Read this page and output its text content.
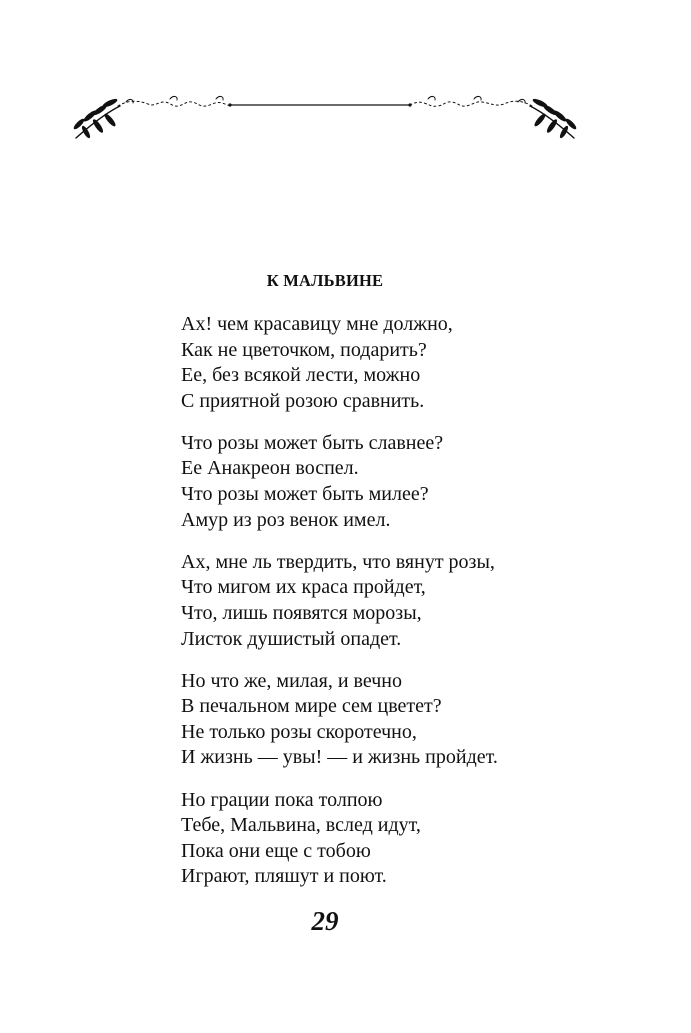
К МАЛЬВИНЕ
Ах! чем красавицу мне должно,
Как не цветочком, подарить?
Ее, без всякой лести, можно
С приятной розою сравнить.
Что розы может быть славнее?
Ее Анакреон воспел.
Что розы может быть милее?
Амур из роз венок имел.
Ах, мне ль твердить, что вянут розы,
Что мигом их краса пройдет,
Что, лишь появятся морозы,
Листок душистый опадет.
Но что же, милая, и вечно
В печальном мире сем цветет?
Не только розы скоротечно,
И жизнь — увы! — и жизнь пройдет.
Но грации пока толпою
Тебе, Мальвина, вслед идут,
Пока они еще с тобою
Играют, пляшут и поют.
29
